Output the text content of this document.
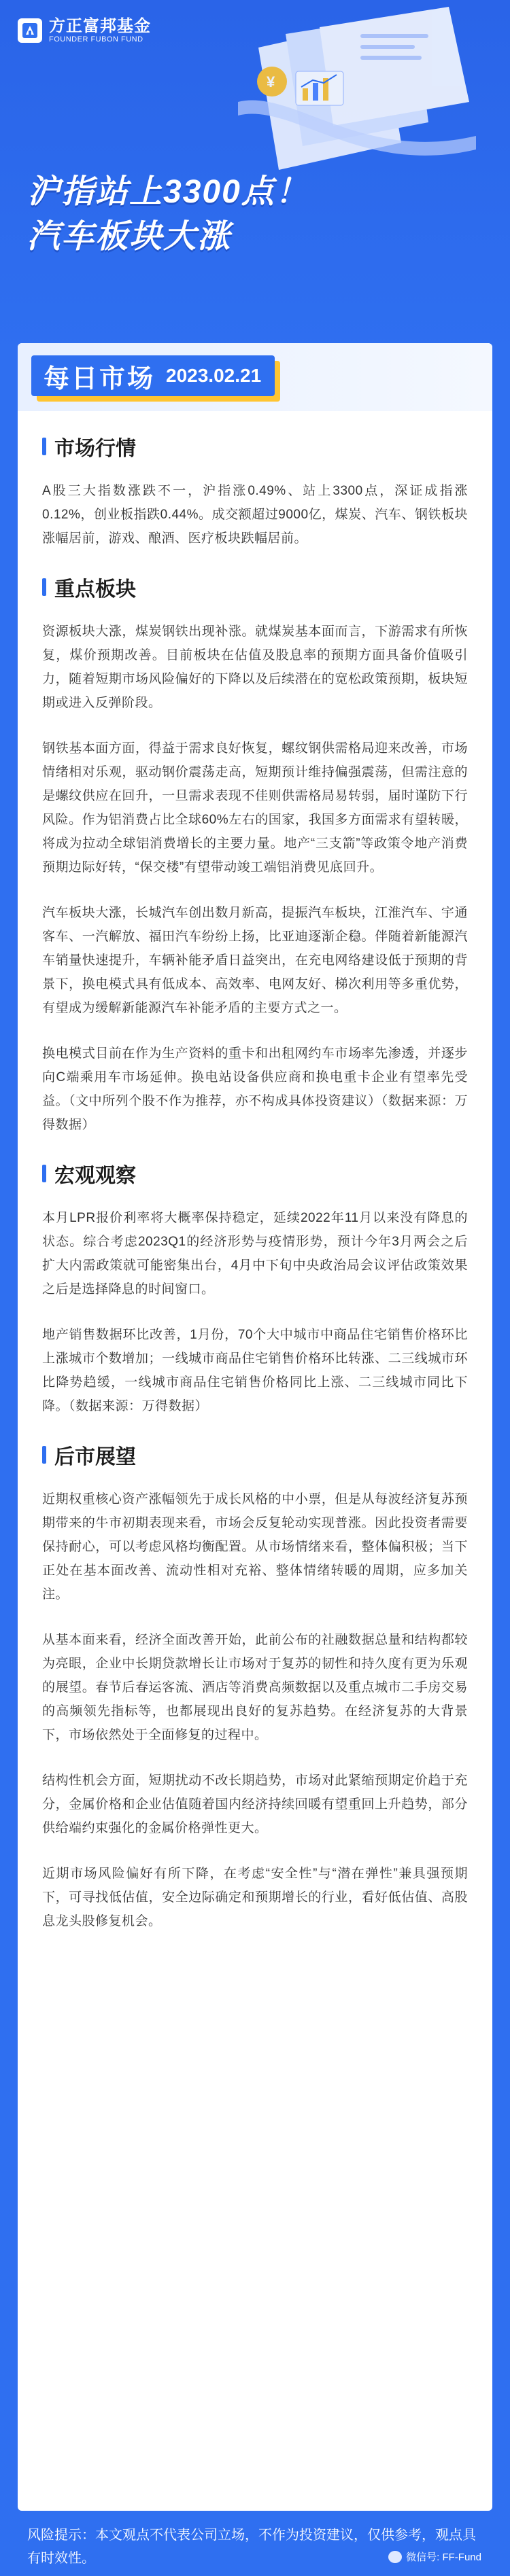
方正富邦基金
FOUNDER FUBON FUND
¥
沪指站上3300点！
汽车板块大涨
每日市场 2023.02.21
市场行情

A股三大指数涨跌不一，沪指涨0.49%、站上3300点，深证成指涨0.12%，创业板指跌0.44%。成交额超过9000亿，煤炭、汽车、钢铁板块涨幅居前，游戏、酿酒、医疗板块跌幅居前。

重点板块

资源板块大涨，煤炭钢铁出现补涨。就煤炭基本面而言，下游需求有所恢复，煤价预期改善。目前板块在估值及股息率的预期方面具备价值吸引力，随着短期市场风险偏好的下降以及后续潜在的宽松政策预期，板块短期或进入反弹阶段。

钢铁基本面方面，得益于需求良好恢复，螺纹钢供需格局迎来改善，市场情绪相对乐观，驱动钢价震荡走高，短期预计维持偏强震荡，但需注意的是螺纹供应在回升，一旦需求表现不佳则供需格局易转弱，届时谨防下行风险。作为铝消费占比全球60%左右的国家，我国多方面需求有望转暖，将成为拉动全球铝消费增长的主要力量。地产“三支箭”等政策令地产消费预期边际好转，“保交楼”有望带动竣工端铝消费见底回升。

汽车板块大涨，长城汽车创出数月新高，提振汽车板块，江淮汽车、宇通客车、一汽解放、福田汽车纷纷上扬，比亚迪逐渐企稳。伴随着新能源汽车销量快速提升，车辆补能矛盾日益突出，在充电网络建设低于预期的背景下，换电模式具有低成本、高效率、电网友好、梯次利用等多重优势，有望成为缓解新能源汽车补能矛盾的主要方式之一。

换电模式目前在作为生产资料的重卡和出租网约车市场率先渗透，并逐步向C端乘用车市场延伸。换电站设备供应商和换电重卡企业有望率先受益。（文中所列个股不作为推荐，亦不构成具体投资建议）（数据来源：万得数据）

宏观观察

本月LPR报价利率将大概率保持稳定，延续2022年11月以来没有降息的状态。综合考虑2023Q1的经济形势与疫情形势，预计今年3月两会之后扩大内需政策就可能密集出台，4月中下旬中央政治局会议评估政策效果之后是选择降息的时间窗口。

地产销售数据环比改善，1月份，70个大中城市中商品住宅销售价格环比上涨城市个数增加；一线城市商品住宅销售价格环比转涨、二三线城市环比降势趋缓，一线城市商品住宅销售价格同比上涨、二三线城市同比下降。（数据来源：万得数据）

后市展望

近期权重核心资产涨幅领先于成长风格的中小票，但是从每波经济复苏预期带来的牛市初期表现来看，市场会反复轮动实现普涨。因此投资者需要保持耐心，可以考虑风格均衡配置。从市场情绪来看，整体偏积极；当下正处在基本面改善、流动性相对充裕、整体情绪转暖的周期，应多加关注。

从基本面来看，经济全面改善开始，此前公布的社融数据总量和结构都较为亮眼，企业中长期贷款增长让市场对于复苏的韧性和持久度有更为乐观的展望。春节后春运客流、酒店等消费高频数据以及重点城市二手房交易的高频领先指标等，也都展现出良好的复苏趋势。在经济复苏的大背景下，市场依然处于全面修复的过程中。

结构性机会方面，短期扰动不改长期趋势，市场对此紧缩预期定价趋于充分，金属价格和企业估值随着国内经济持续回暖有望重回上升趋势，部分供给端约束强化的金属价格弹性更大。

近期市场风险偏好有所下降，在考虑“安全性”与“潜在弹性”兼具强预期下，可寻找低估值，安全边际确定和预期增长的行业，看好低估值、高股息龙头股修复机会。

风险提示：本文观点不代表公司立场，不作为投资建议，仅供参考，观点具有时效性。	微信号: FF-Fund
